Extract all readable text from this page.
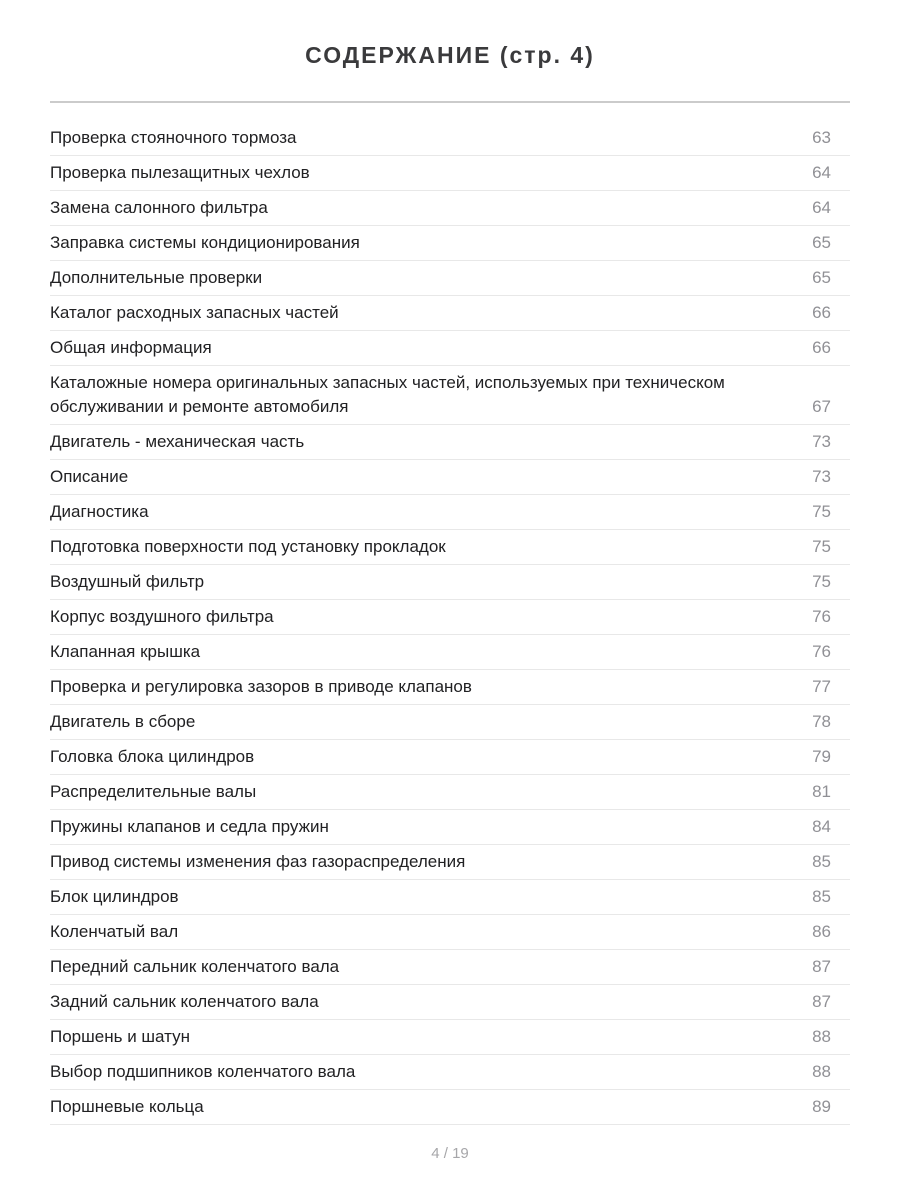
СОДЕРЖАНИЕ (стр. 4)
Проверка стояночного тормоза	63
Проверка пылезащитных чехлов	64
Замена салонного фильтра	64
Заправка системы кондиционирования	65
Дополнительные проверки	65
Каталог расходных запасных частей	66
Общая информация	66
Каталожные номера оригинальных запасных частей, используемых при техническом обслуживании и ремонте автомобиля	67
Двигатель - механическая часть	73
Описание	73
Диагностика	75
Подготовка поверхности под установку прокладок	75
Воздушный фильтр	75
Корпус воздушного фильтра	76
Клапанная крышка	76
Проверка и регулировка зазоров в приводе клапанов	77
Двигатель в сборе	78
Головка блока цилиндров	79
Распределительные валы	81
Пружины клапанов и седла пружин	84
Привод системы изменения фаз газораспределения	85
Блок цилиндров	85
Коленчатый вал	86
Передний сальник коленчатого вала	87
Задний сальник коленчатого вала	87
Поршень и шатун	88
Выбор подшипников коленчатого вала	88
Поршневые кольца	89
4 / 19
